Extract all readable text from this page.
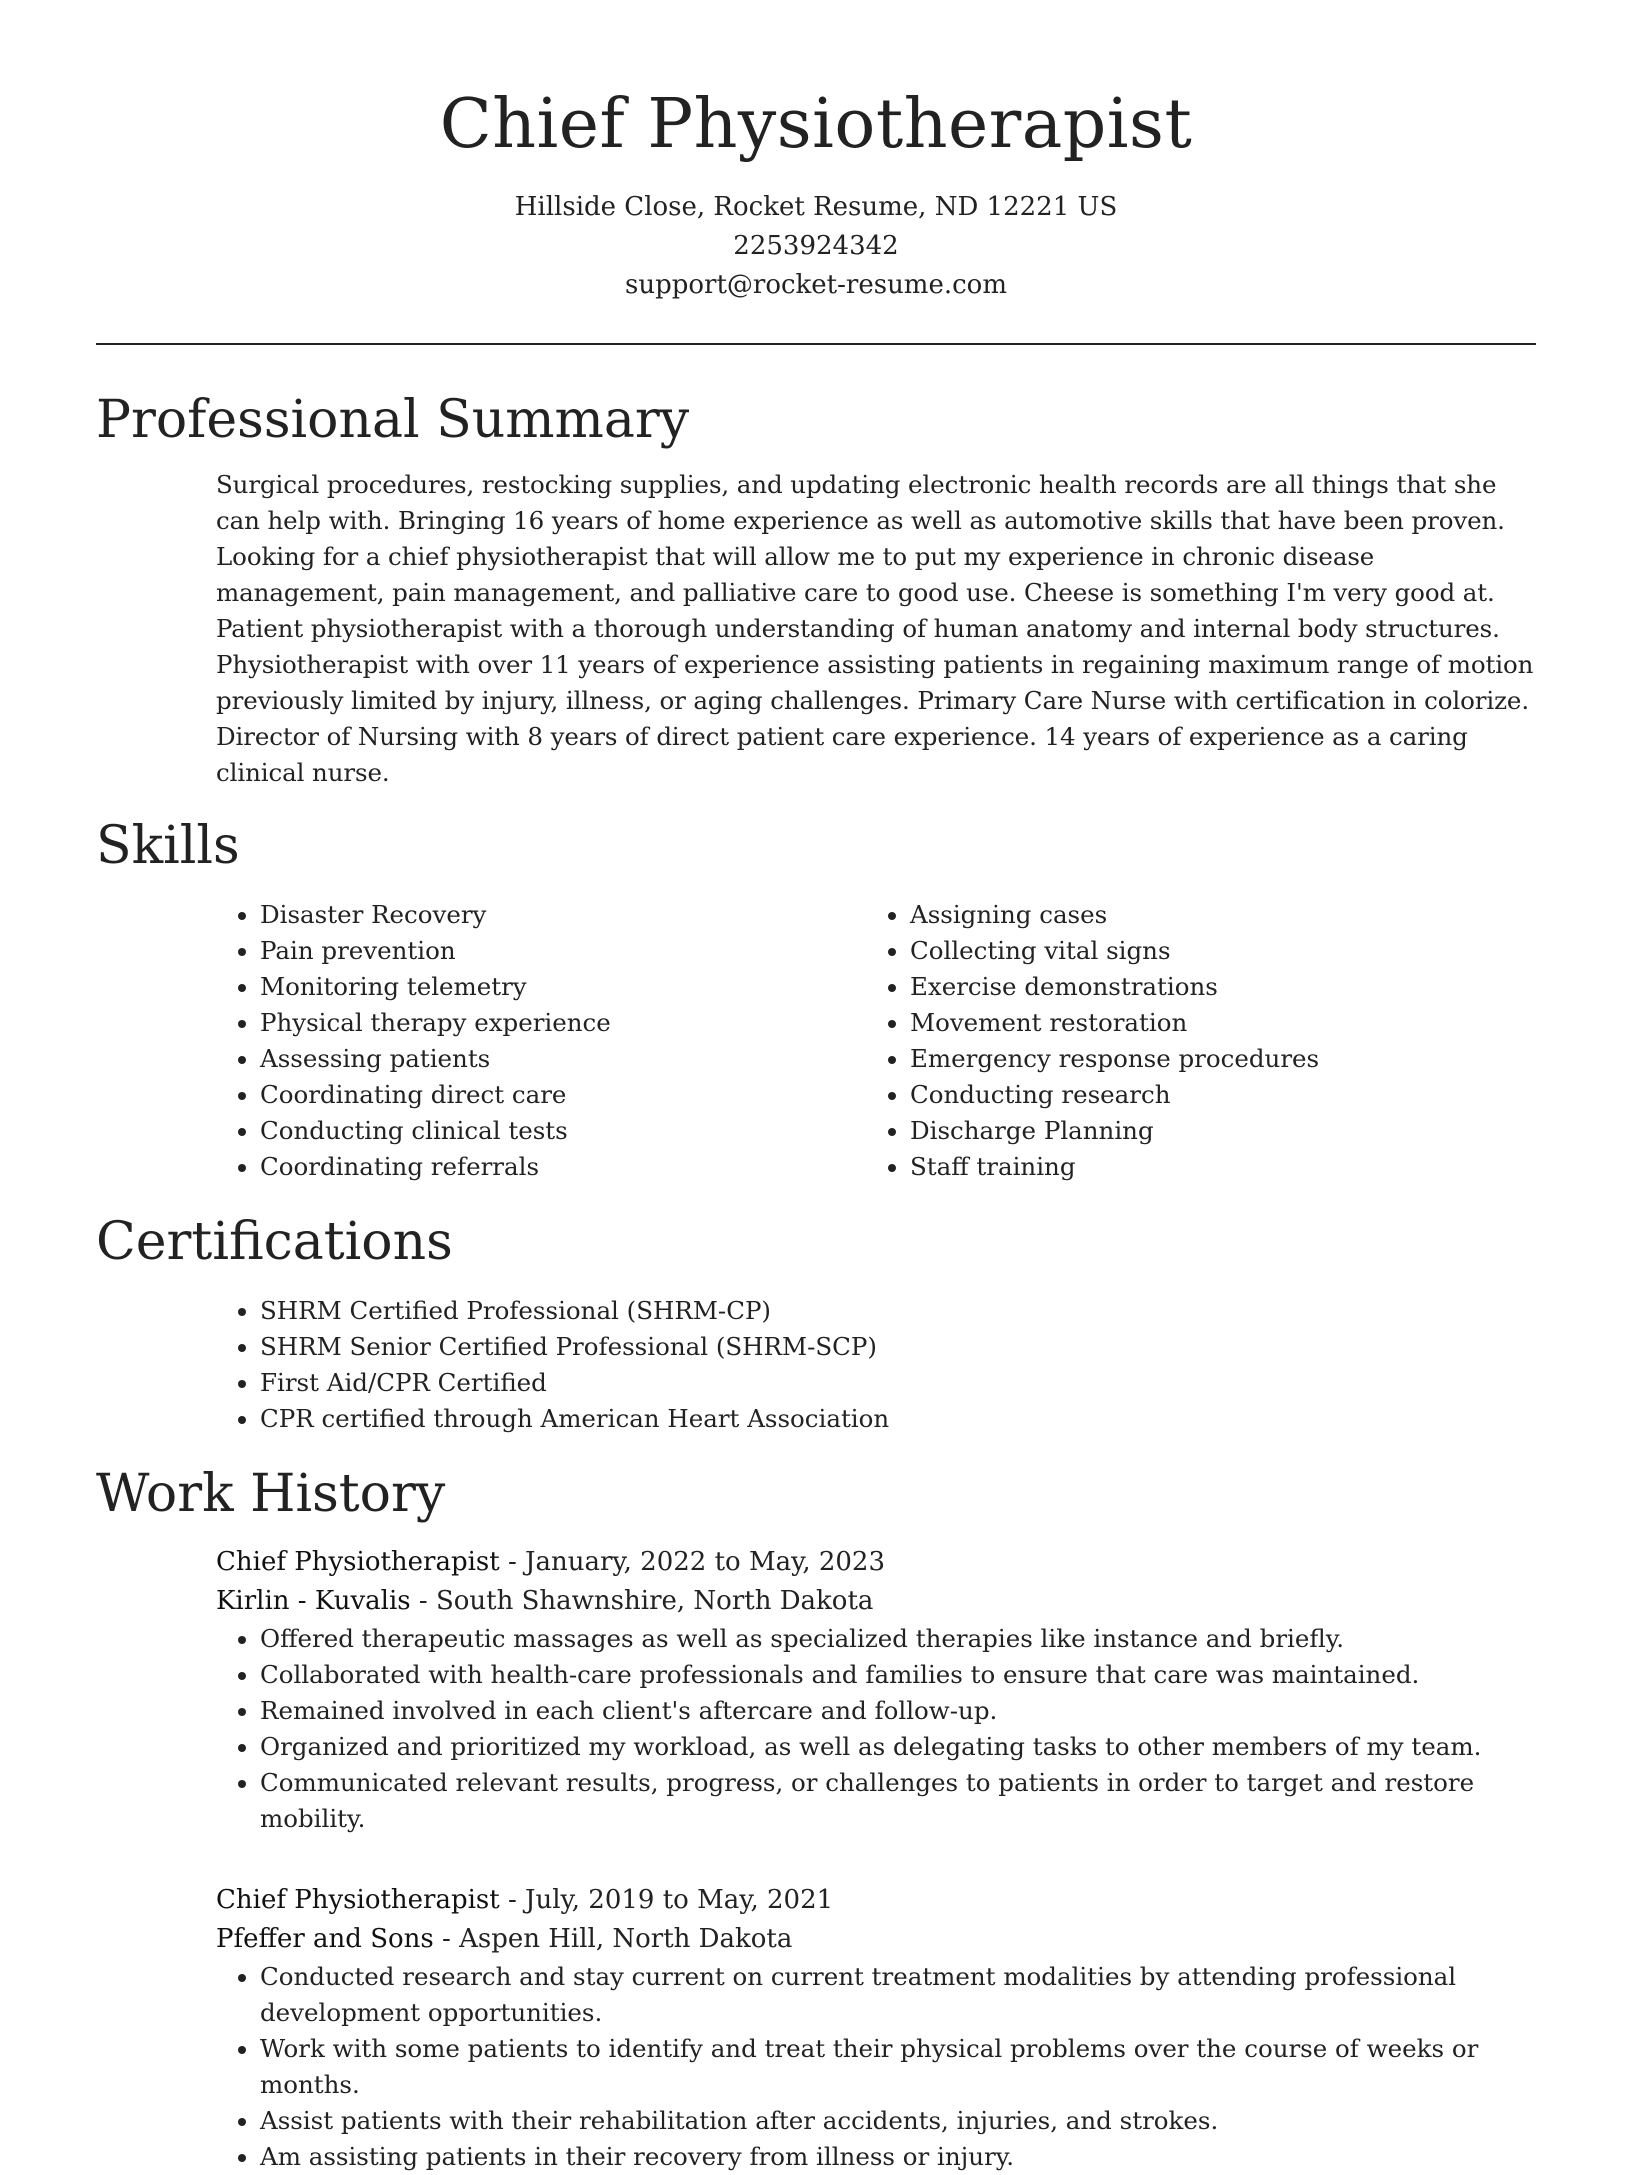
Chief Physiotherapist
Hillside Close, Rocket Resume, ND 12221 US
2253924342
support@rocket-resume.com
Professional Summary
Surgical procedures, restocking supplies, and updating electronic health records are all things that she can help with. Bringing 16 years of home experience as well as automotive skills that have been proven. Looking for a chief physiotherapist that will allow me to put my experience in chronic disease management, pain management, and palliative care to good use. Cheese is something I'm very good at. Patient physiotherapist with a thorough understanding of human anatomy and internal body structures. Physiotherapist with over 11 years of experience assisting patients in regaining maximum range of motion previously limited by injury, illness, or aging challenges. Primary Care Nurse with certification in colorize. Director of Nursing with 8 years of direct patient care experience. 14 years of experience as a caring clinical nurse.
Skills
• Disaster Recovery
• Pain prevention
• Monitoring telemetry
• Physical therapy experience
• Assessing patients
• Coordinating direct care
• Conducting clinical tests
• Coordinating referrals
• Assigning cases
• Collecting vital signs
• Exercise demonstrations
• Movement restoration
• Emergency response procedures
• Conducting research
• Discharge Planning
• Staff training
Certifications
• SHRM Certified Professional (SHRM-CP)
• SHRM Senior Certified Professional (SHRM-SCP)
• First Aid/CPR Certified
• CPR certified through American Heart Association
Work History
Chief Physiotherapist - January, 2022 to May, 2023
Kirlin - Kuvalis - South Shawnshire, North Dakota
• Offered therapeutic massages as well as specialized therapies like instance and briefly.
• Collaborated with health-care professionals and families to ensure that care was maintained.
• Remained involved in each client's aftercare and follow-up.
• Organized and prioritized my workload, as well as delegating tasks to other members of my team.
• Communicated relevant results, progress, or challenges to patients in order to target and restore mobility.
Chief Physiotherapist - July, 2019 to May, 2021
Pfeffer and Sons - Aspen Hill, North Dakota
• Conducted research and stay current on current treatment modalities by attending professional development opportunities.
• Work with some patients to identify and treat their physical problems over the course of weeks or months.
• Assist patients with their rehabilitation after accidents, injuries, and strokes.
• Am assisting patients in their recovery from illness or injury.
